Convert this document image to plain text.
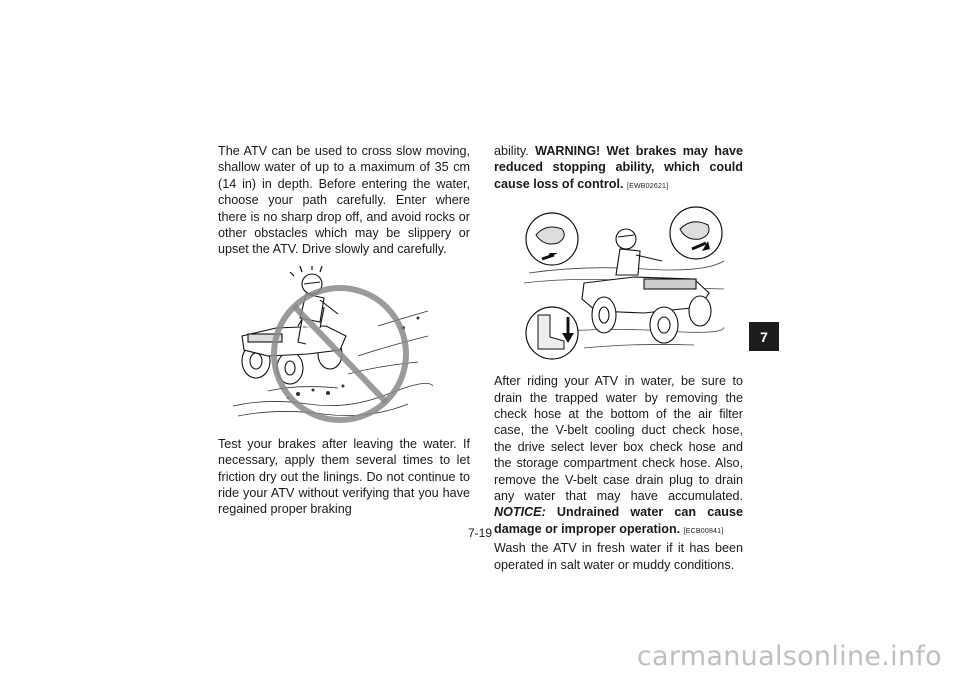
The ATV can be used to cross slow moving, shallow water of up to a maximum of 35 cm (14 in) in depth. Before entering the water, choose your path carefully. Enter where there is no sharp drop off, and avoid rocks or other obstacles which may be slippery or upset the ATV. Drive slowly and carefully.

Test your brakes after leaving the water. If necessary, apply them several times to let friction dry out the linings. Do not continue to ride your ATV without verifying that you have regained proper braking

ability. WARNING! Wet brakes may have reduced stopping ability, which could cause loss of control. [EWB02621]

After riding your ATV in water, be sure to drain the trapped water by removing the check hose at the bottom of the air filter case, the V-belt cooling duct check hose, the drive select lever box check hose and the storage compartment check hose. Also, remove the V-belt case drain plug to drain any water that may have accumulated. NOTICE: Undrained water can cause damage or improper operation. [ECB00841]

Wash the ATV in fresh water if it has been operated in salt water or muddy conditions.

7
7-19
carmanualsonline.info
